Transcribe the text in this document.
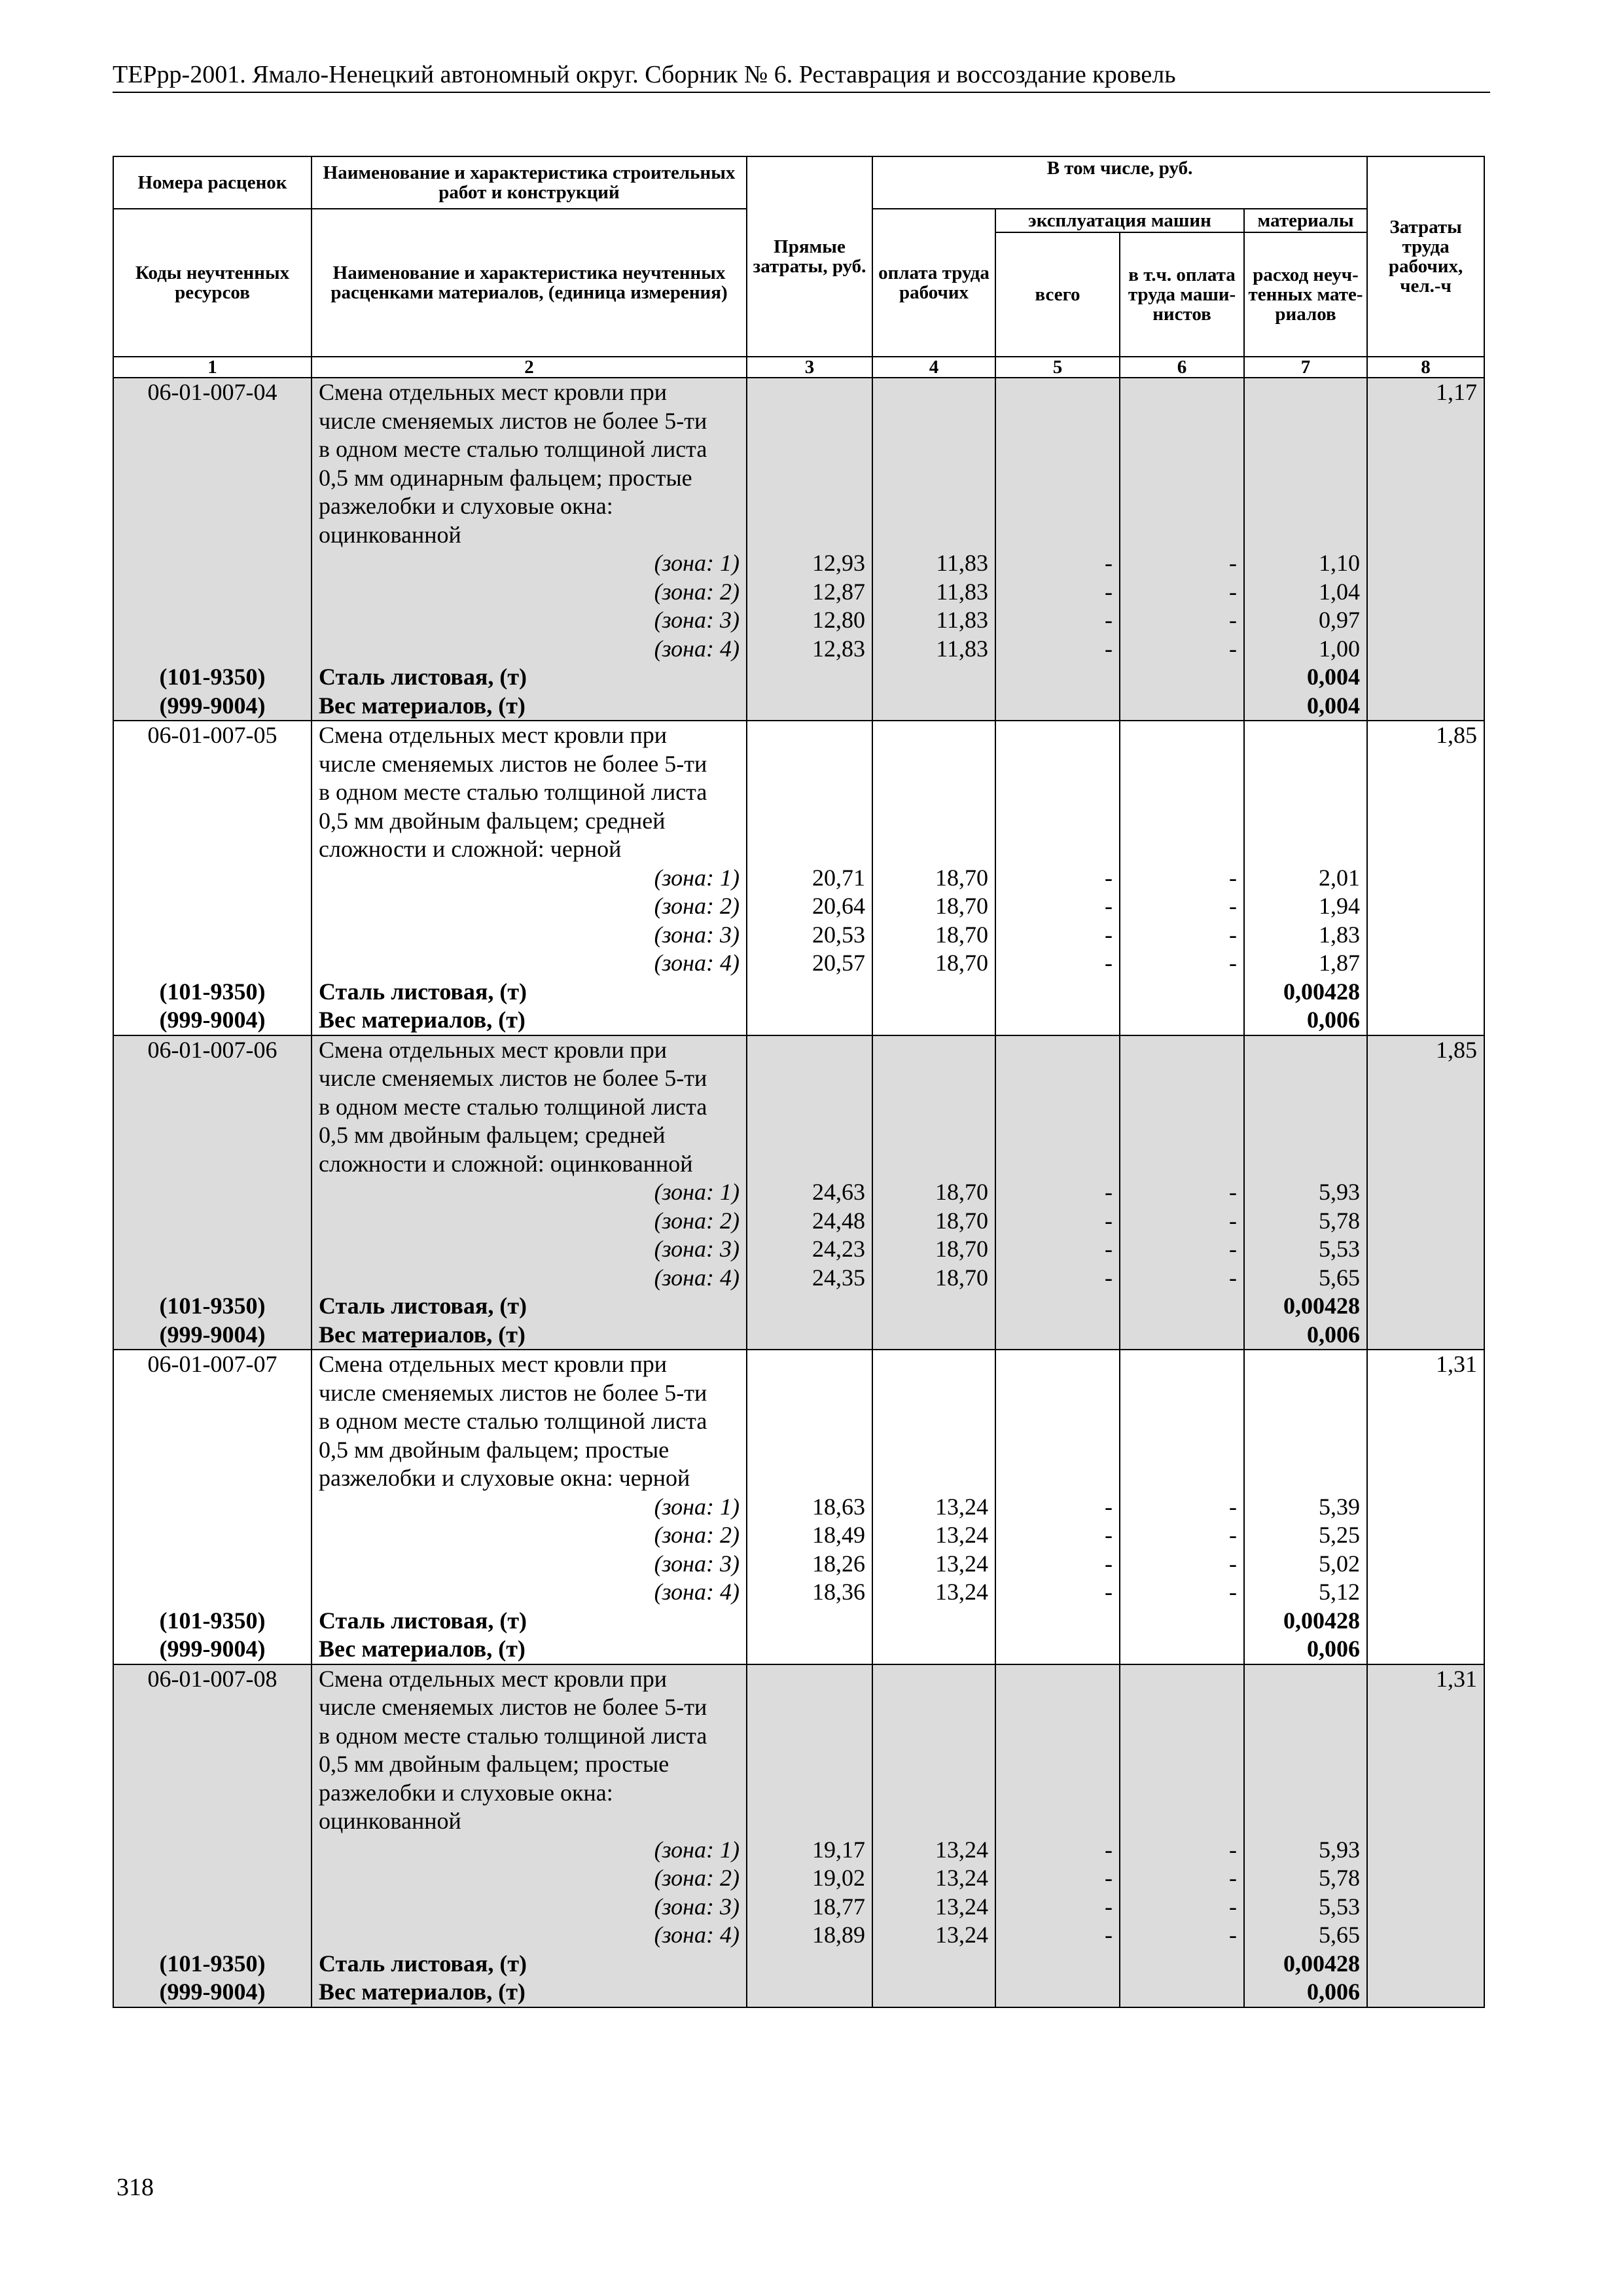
ТЕРрр-2001. Ямало-Ненецкий автономный округ. Сборник № 6. Реставрация и воссоздание кровель
Номера расценок	Наименование и характеристика строительных работ и конструкций	Прямые затраты, руб.	В том числе, руб.				Затраты труда рабочих, чел.-ч
Коды неучтенных ресурсов	Наименование и характеристика неучтенных расценками материалов, (единица измерения)		оплата труда рабочих	эксплуатация машин		материалы	
				всего	в т.ч. оплата труда маши-нистов	расход неуч-тенных мате-риалов	
1	2	3	4	5	6	7	8
06-01-007-04	Смена отдельных мест кровли при						1,17
	числе сменяемых листов не более 5-ти						
	в одном месте сталью толщиной листа						
	0,5 мм одинарным фальцем; простые						
	разжелобки и слуховые окна:						
	оцинкованной						
	(зона: 1)	12,93	11,83	-	-	1,10	
	(зона: 2)	12,87	11,83	-	-	1,04	
	(зона: 3)	12,80	11,83	-	-	0,97	
	(зона: 4)	12,83	11,83	-	-	1,00	
(101-9350)	Сталь листовая, (т)					0,004	
(999-9004)	Вес материалов, (т)					0,004	
06-01-007-05	Смена отдельных мест кровли при						1,85
	числе сменяемых листов не более 5-ти						
	в одном месте сталью толщиной листа						
	0,5 мм двойным фальцем; средней						
	сложности и сложной: черной						
	(зона: 1)	20,71	18,70	-	-	2,01	
	(зона: 2)	20,64	18,70	-	-	1,94	
	(зона: 3)	20,53	18,70	-	-	1,83	
	(зона: 4)	20,57	18,70	-	-	1,87	
(101-9350)	Сталь листовая, (т)					0,00428	
(999-9004)	Вес материалов, (т)					0,006	
06-01-007-06	Смена отдельных мест кровли при						1,85
	числе сменяемых листов не более 5-ти						
	в одном месте сталью толщиной листа						
	0,5 мм двойным фальцем; средней						
	сложности и сложной: оцинкованной						
	(зона: 1)	24,63	18,70	-	-	5,93	
	(зона: 2)	24,48	18,70	-	-	5,78	
	(зона: 3)	24,23	18,70	-	-	5,53	
	(зона: 4)	24,35	18,70	-	-	5,65	
(101-9350)	Сталь листовая, (т)					0,00428	
(999-9004)	Вес материалов, (т)					0,006	
06-01-007-07	Смена отдельных мест кровли при						1,31
	числе сменяемых листов не более 5-ти						
	в одном месте сталью толщиной листа						
	0,5 мм двойным фальцем; простые						
	разжелобки и слуховые окна: черной						
	(зона: 1)	18,63	13,24	-	-	5,39	
	(зона: 2)	18,49	13,24	-	-	5,25	
	(зона: 3)	18,26	13,24	-	-	5,02	
	(зона: 4)	18,36	13,24	-	-	5,12	
(101-9350)	Сталь листовая, (т)					0,00428	
(999-9004)	Вес материалов, (т)					0,006	
06-01-007-08	Смена отдельных мест кровли при						1,31
	числе сменяемых листов не более 5-ти						
	в одном месте сталью толщиной листа						
	0,5 мм двойным фальцем; простые						
	разжелобки и слуховые окна:						
	оцинкованной						
	(зона: 1)	19,17	13,24	-	-	5,93	
	(зона: 2)	19,02	13,24	-	-	5,78	
	(зона: 3)	18,77	13,24	-	-	5,53	
	(зона: 4)	18,89	13,24	-	-	5,65	
(101-9350)	Сталь листовая, (т)					0,00428	
(999-9004)	Вес материалов, (т)					0,006	
318
